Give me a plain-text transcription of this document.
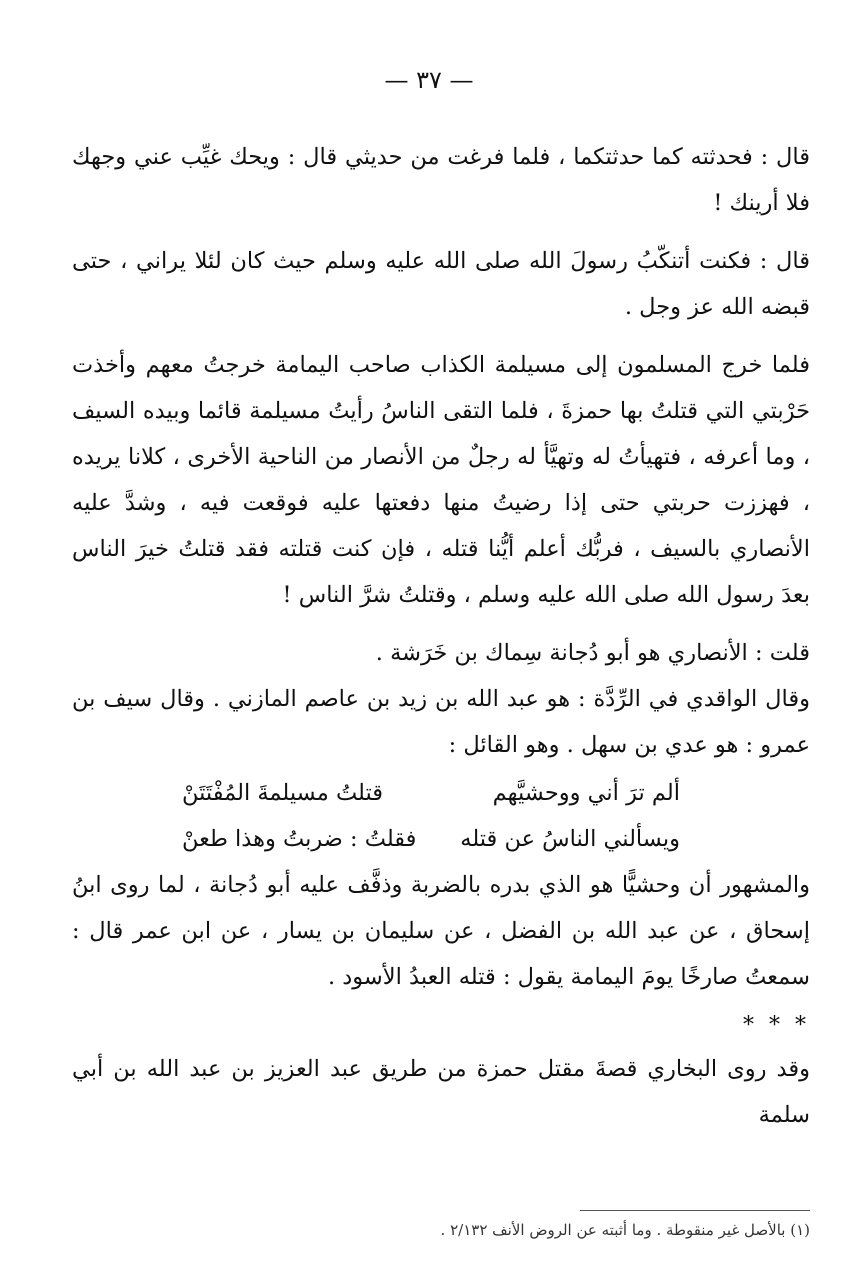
— ٣٧ —

قال : فحدثته كما حدثتكما ، فلما فرغت من حديثي قال : ويحك غيِّب عني وجهك فلا أرينك !

قال : فكنت أتنكّبُ رسولَ الله صلى الله عليه وسلم حيث كان لئلا يراني ، حتى قبضه الله عز وجل .

فلما خرج المسلمون إلى مسيلمة الكذاب صاحب اليمامة خرجتُ معهم وأخذت حَرْبتي التي قتلتُ بها حمزةَ ، فلما التقى الناسُ رأيتُ مسيلمة قائما وبيده السيف ، وما أعرفه ، فتهيأتُ له وتهيَّأ له رجلٌ من الأنصار من الناحية الأخرى ، كلانا يريده ، فهززت حربتي حتى إذا رضيتُ منها دفعتها عليه فوقعت فيه ، وشدَّ عليه الأنصاري بالسيف ، فربُّك أعلم أيُّنا قتله ، فإن كنت قتلته فقد قتلتُ خيرَ الناس بعدَ رسول الله صلى الله عليه وسلم ، وقتلتُ شرَّ الناس !

قلت : الأنصاري هو أبو دُجانة سِماك بن خَرَشة .

وقال الواقدي في الرِّدَّة : هو عبد الله بن زيد بن عاصم المازني . وقال سيف بن عمرو : هو عدي بن سهل . وهو القائل :

ألم ترَ أني ووحشيَّهم
قتلتُ مسيلمةَ المُفْتَتَنْ
ويسألني الناسُ عن قتله
فقلتُ : ضربتُ وهذا طعنْ

والمشهور أن وحشيًّا هو الذي بدره بالضربة وذفَّف عليه أبو دُجانة ، لما روى ابنُ إسحاق ، عن عبد الله بن الفضل ، عن سليمان بن يسار ، عن ابن عمر قال : سمعتُ صارخًا يومَ اليمامة يقول : قتله العبدُ الأسود .

* * *

وقد روى البخاري قصةَ مقتل حمزة من طريق عبد العزيز بن عبد الله بن أبي سلمة

(١) بالأصل غير منقوطة . وما أثبته عن الروض الأنف ٢/١٣٢ .
